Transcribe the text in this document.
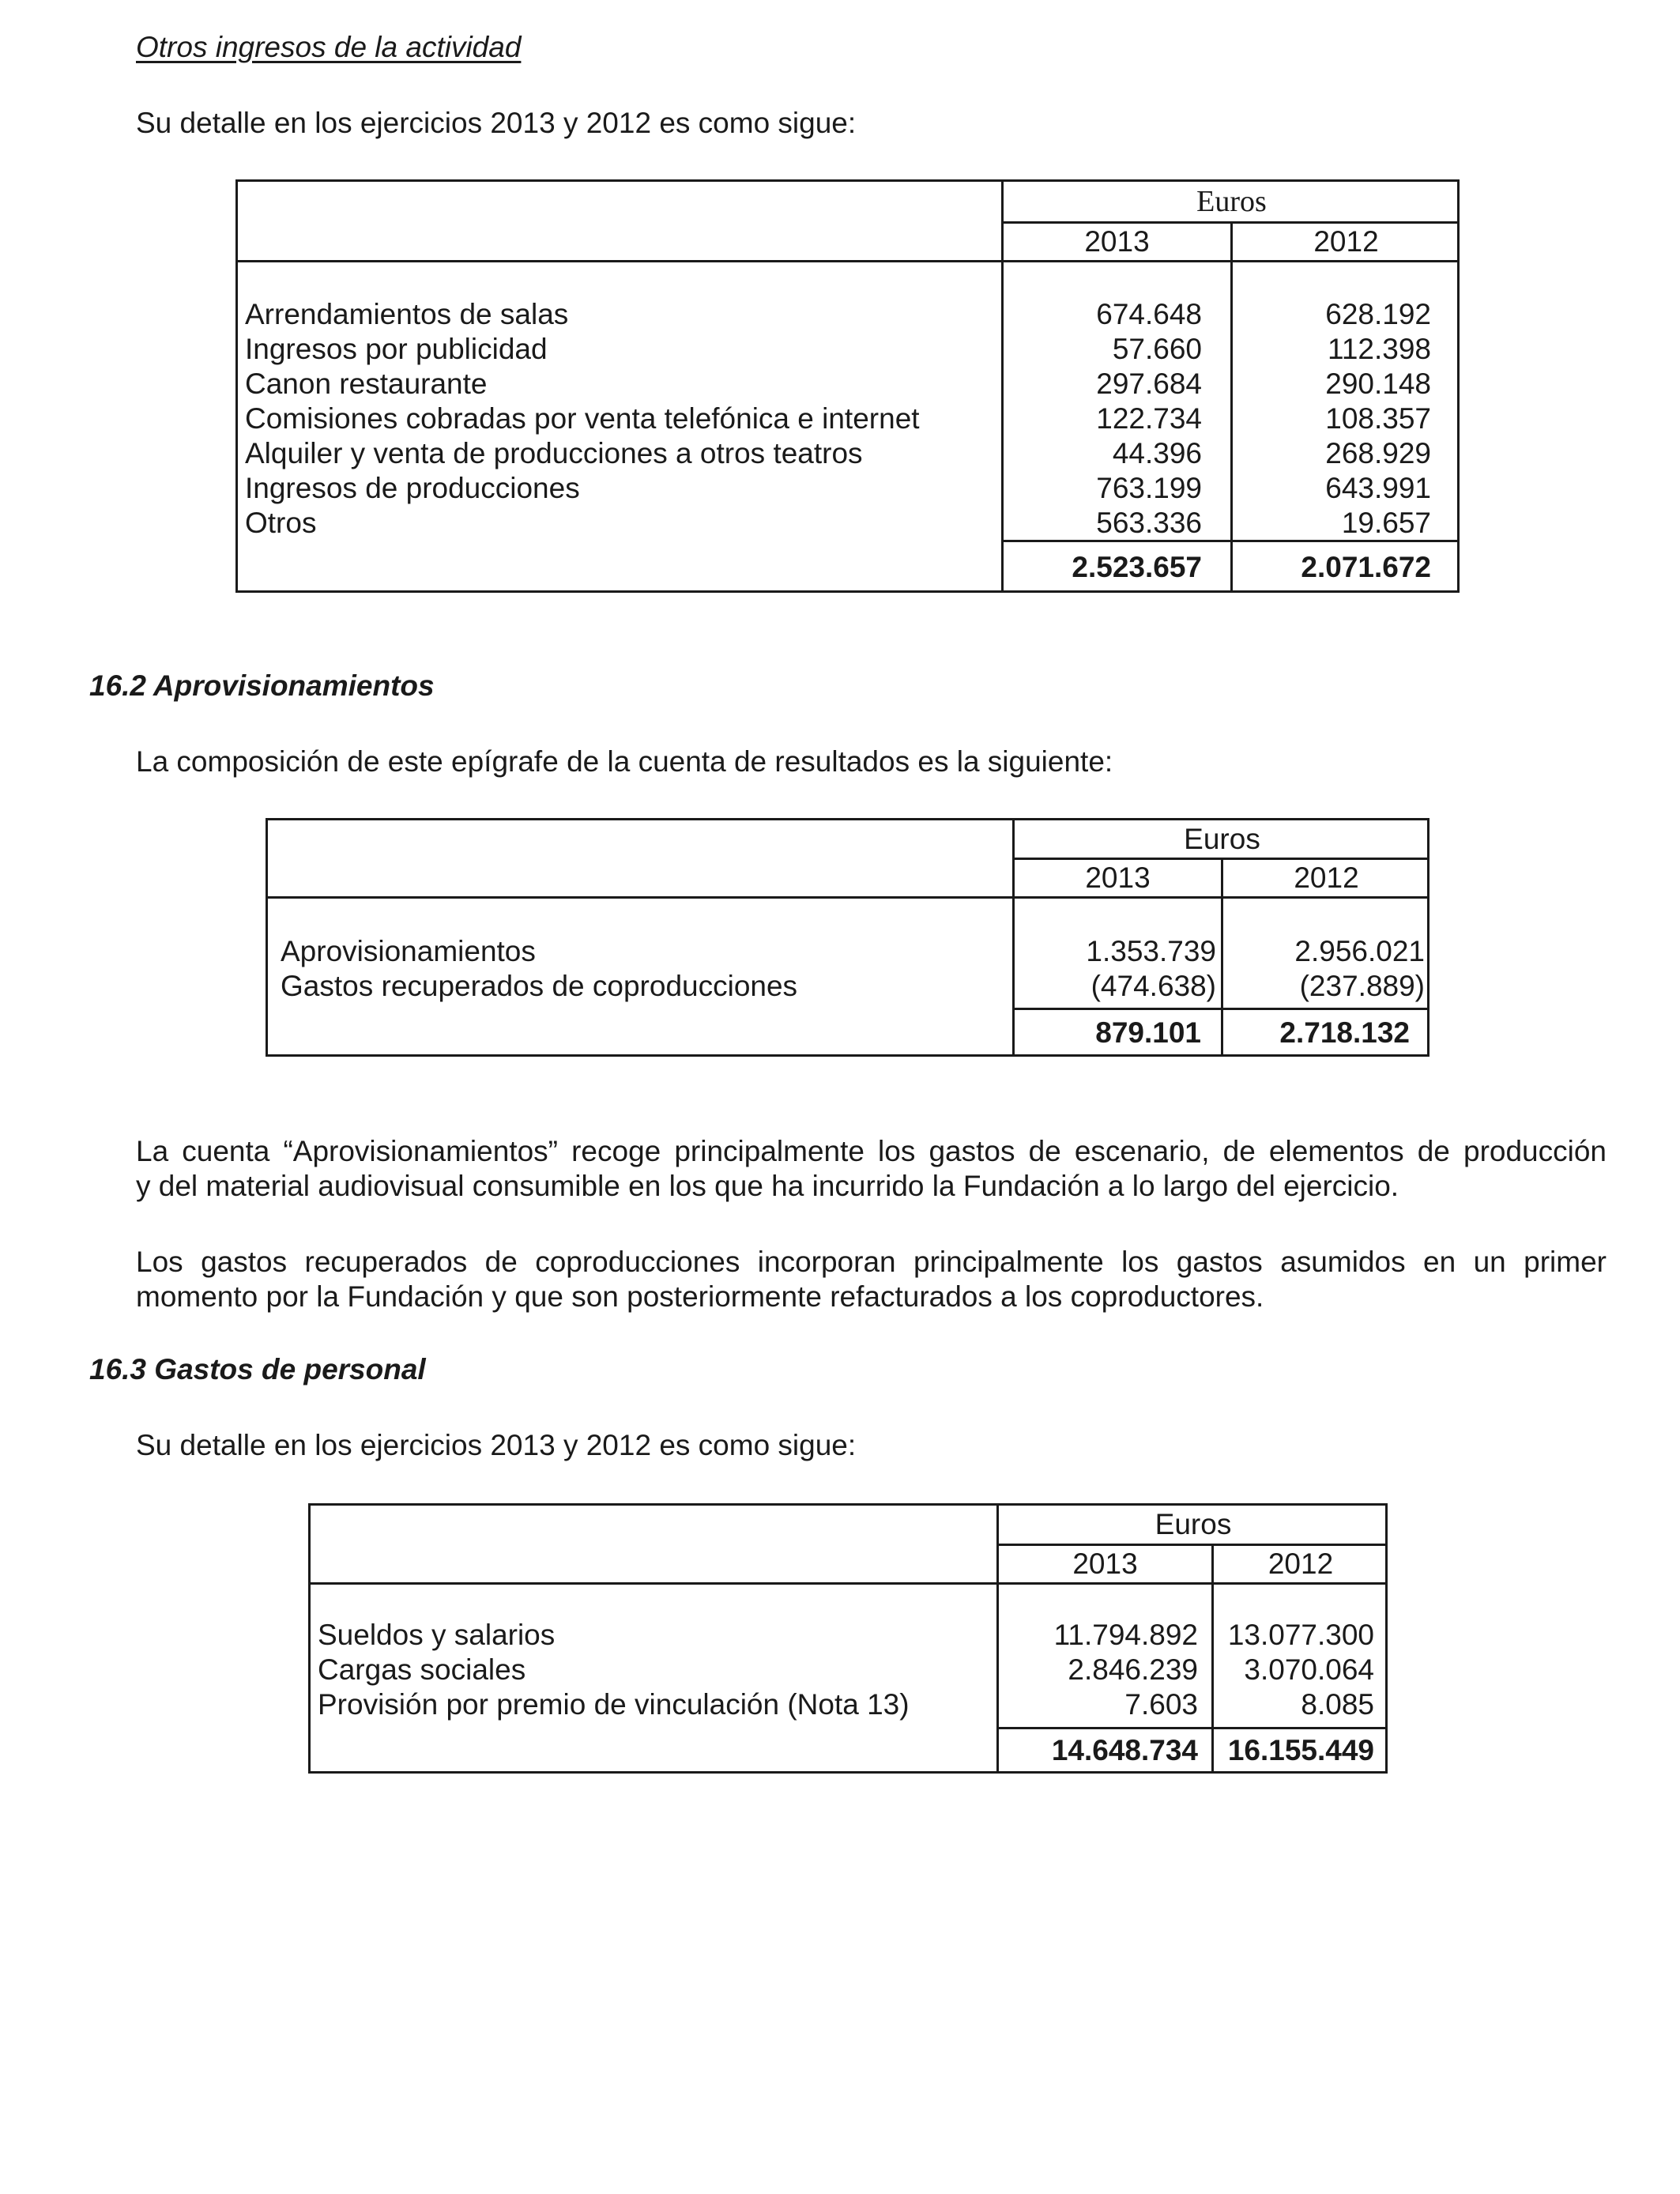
Otros ingresos de la actividad
Su detalle en los ejercicios 2013 y 2012 es como sigue:
Euros
2013	2012
Arrendamientos de salas	674.648	628.192
Ingresos por publicidad	57.660	112.398
Canon restaurante	297.684	290.148
Comisiones cobradas por venta telefónica e internet	122.734	108.357
Alquiler y venta de producciones a otros teatros	44.396	268.929
Ingresos de producciones	763.199	643.991
Otros	563.336	19.657
2.523.657	2.071.672
16.2 Aprovisionamientos
La composición de este epígrafe de la cuenta de resultados es la siguiente:
Euros
2013	2012
Aprovisionamientos	1.353.739	2.956.021
Gastos recuperados de coproducciones	(474.638)	(237.889)
879.101	2.718.132

La cuenta “Aprovisionamientos” recoge principalmente los gastos de escenario, de elementos de producción

y del material audiovisual consumible en los que ha incurrido la Fundación a lo largo del ejercicio.

Los gastos recuperados de coproducciones incorporan principalmente los gastos asumidos en un primer

momento por la Fundación y que son posteriormente refacturados a los coproductores.

16.3 Gastos de personal
Su detalle en los ejercicios 2013 y 2012 es como sigue:
Euros
2013	2012
Sueldos y salarios	11.794.892	13.077.300
Cargas sociales	2.846.239	3.070.064
Provisión por premio de vinculación (Nota 13)	7.603	8.085
14.648.734	16.155.449
